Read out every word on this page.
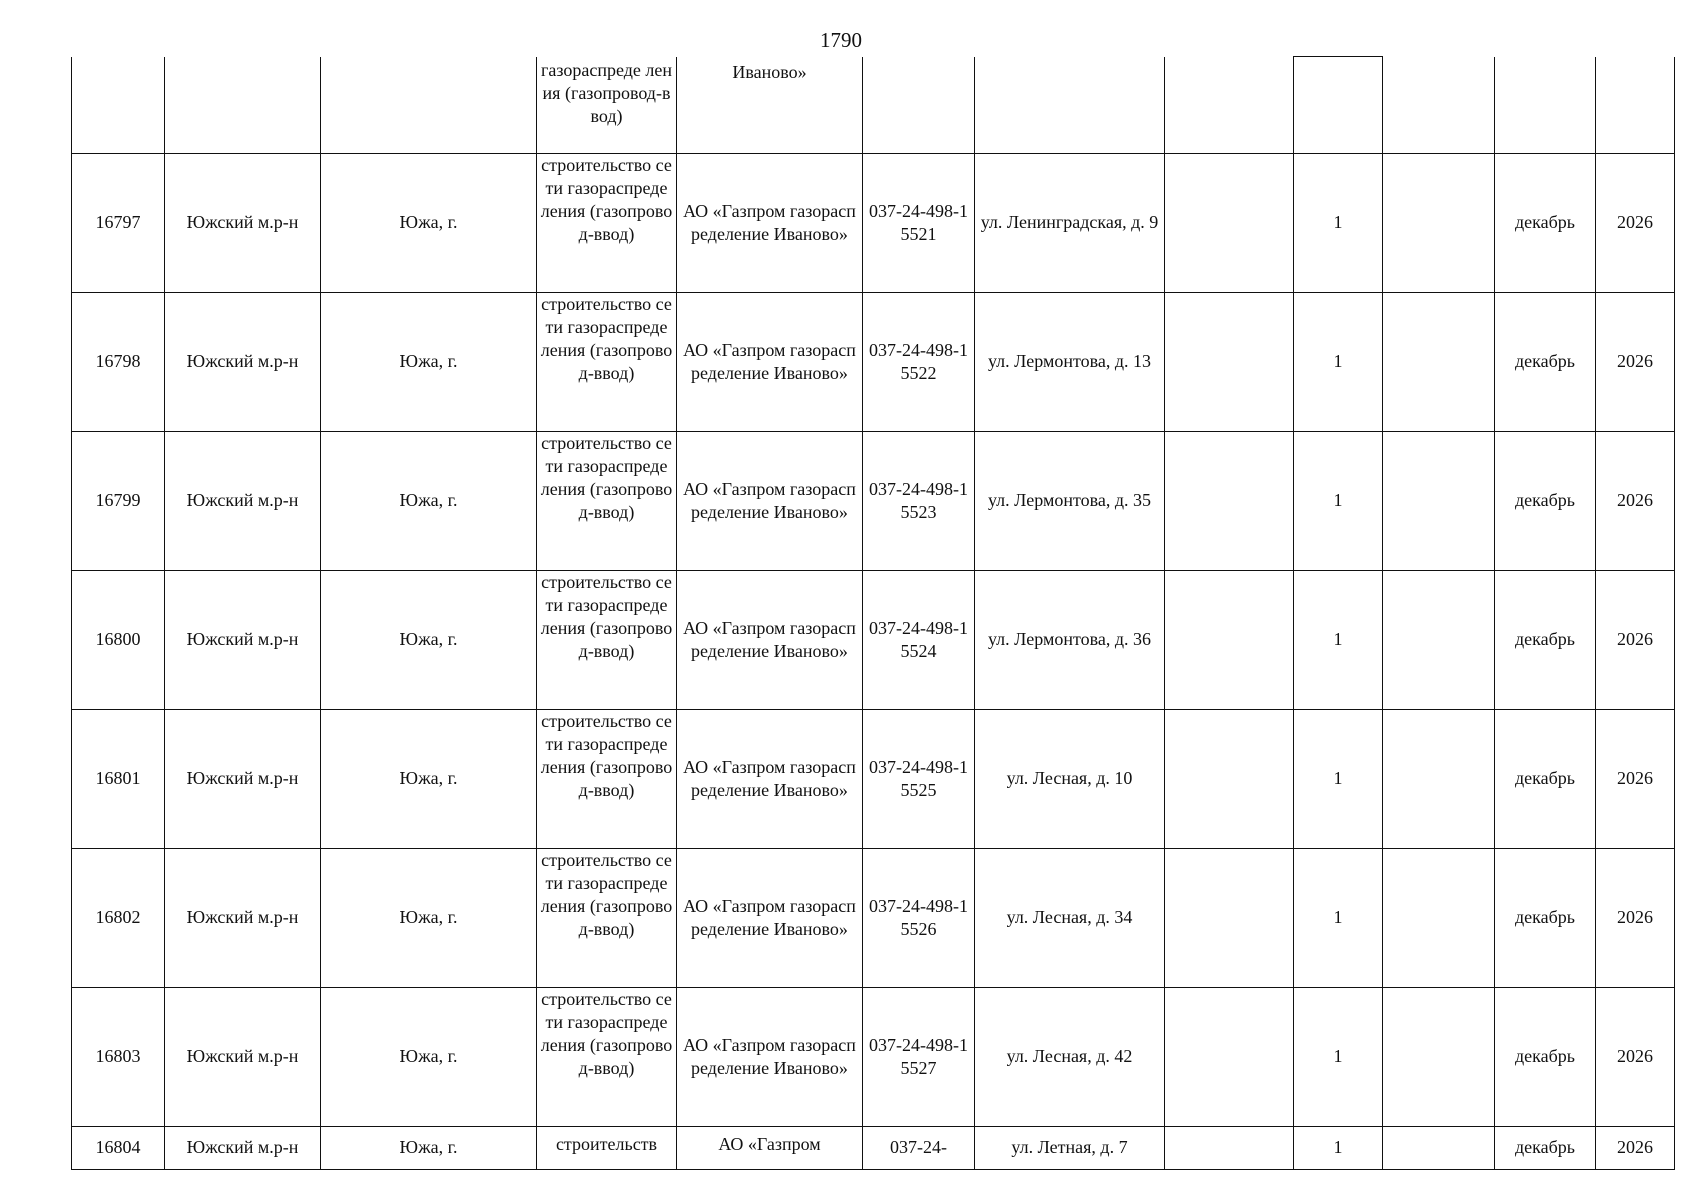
1790
			газораспреде ления (газопровод-ввод)	Иваново»							
16797	Южский м.р-н	Южа, г.	строительство сети газораспреде ления (газопровод-ввод)	АО «Газпром газораспределение Иваново»	037-24-498-15521	ул. Ленинградская, д. 9		1		декабрь	2026
16798	Южский м.р-н	Южа, г.	строительство сети газораспреде ления (газопровод-ввод)	АО «Газпром газораспределение Иваново»	037-24-498-15522	ул. Лермонтова, д. 13		1		декабрь	2026
16799	Южский м.р-н	Южа, г.	строительство сети газораспреде ления (газопровод-ввод)	АО «Газпром газораспределение Иваново»	037-24-498-15523	ул. Лермонтова, д. 35		1		декабрь	2026
16800	Южский м.р-н	Южа, г.	строительство сети газораспреде ления (газопровод-ввод)	АО «Газпром газораспределение Иваново»	037-24-498-15524	ул. Лермонтова, д. 36		1		декабрь	2026
16801	Южский м.р-н	Южа, г.	строительство сети газораспреде ления (газопровод-ввод)	АО «Газпром газораспределение Иваново»	037-24-498-15525	ул. Лесная, д. 10		1		декабрь	2026
16802	Южский м.р-н	Южа, г.	строительство сети газораспреде ления (газопровод-ввод)	АО «Газпром газораспределение Иваново»	037-24-498-15526	ул. Лесная, д. 34		1		декабрь	2026
16803	Южский м.р-н	Южа, г.	строительство сети газораспреде ления (газопровод-ввод)	АО «Газпром газораспределение Иваново»	037-24-498-15527	ул. Лесная, д. 42		1		декабрь	2026
16804	Южский м.р-н	Южа, г.	строительств	АО «Газпром	037-24-	ул. Летная, д. 7		1		декабрь	2026
